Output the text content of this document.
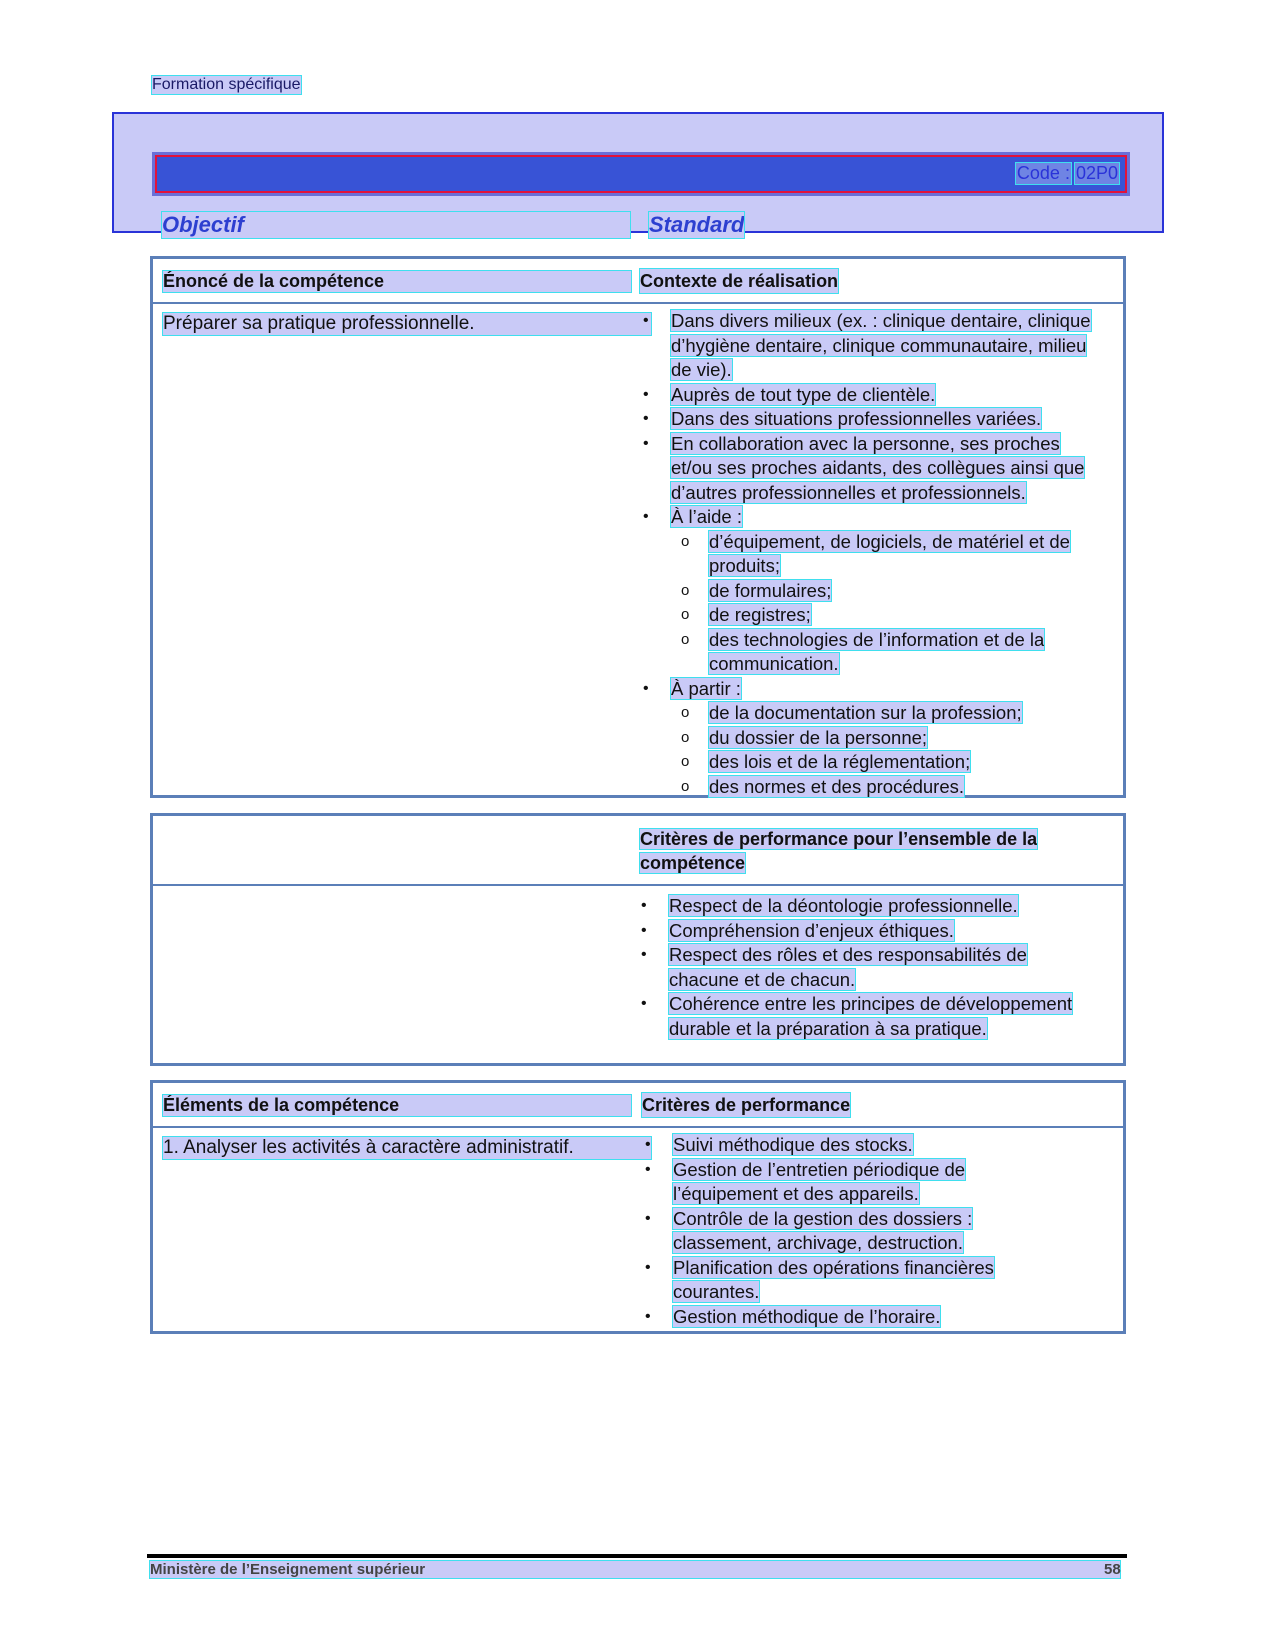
Formation spécifique
Code : 02P0
Objectif	Standard
Énoncé de la compétence	Contexte de réalisation
Préparer sa pratique professionnelle.	• Dans divers milieux (ex. : clinique dentaire, clinique d’hygiène dentaire, clinique communautaire, milieu de vie).
• Auprès de tout type de clientèle.
• Dans des situations professionnelles variées.
• En collaboration avec la personne, ses proches et/ou ses proches aidants, des collègues ainsi que d’autres professionnelles et professionnels.
• À l’aide :
o d’équipement, de logiciels, de matériel et de produits;
o de formulaires;
o de registres;
o des technologies de l’information et de la communication.
• À partir :
o de la documentation sur la profession;
o du dossier de la personne;
o des lois et de la réglementation;
o des normes et des procédures.
Critères de performance pour l’ensemble de la compétence
• Respect de la déontologie professionnelle.
• Compréhension d’enjeux éthiques.
• Respect des rôles et des responsabilités de chacune et de chacun.
• Cohérence entre les principes de développement durable et la préparation à sa pratique.
Éléments de la compétence	Critères de performance
1. Analyser les activités à caractère administratif.	• Suivi méthodique des stocks.
• Gestion de l’entretien périodique de l’équipement et des appareils.
• Contrôle de la gestion des dossiers : classement, archivage, destruction.
• Planification des opérations financières courantes.
• Gestion méthodique de l’horaire.
Ministère de l’Enseignement supérieur	58
